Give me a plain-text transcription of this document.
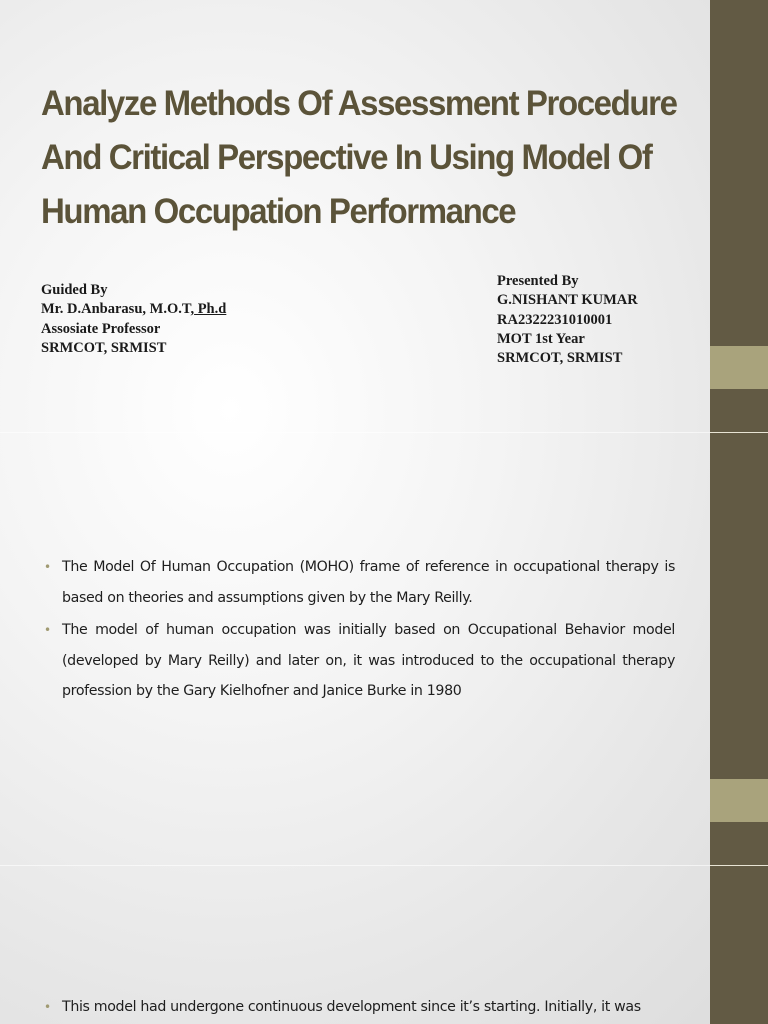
Analyze Methods Of Assessment Procedure
And Critical Perspective In Using Model Of
Human Occupation Performance
Guided By
Mr. D.Anbarasu, M.O.T, Ph.d
Assosiate Professor
SRMCOT, SRMIST
Presented By
G.NISHANT KUMAR
RA2322231010001
MOT 1st Year
SRMCOT, SRMIST
• The Model Of Human Occupation (MOHO) frame of reference in occupational therapy is based on theories and assumptions given by the Mary Reilly.
• The model of human occupation was initially based on Occupational Behavior model (developed by Mary Reilly) and later on, it was introduced to the occupational therapy profession by the Gary Kielhofner and Janice Burke in 1980
• This model had undergone continuous development since it’s starting. Initially, it was
